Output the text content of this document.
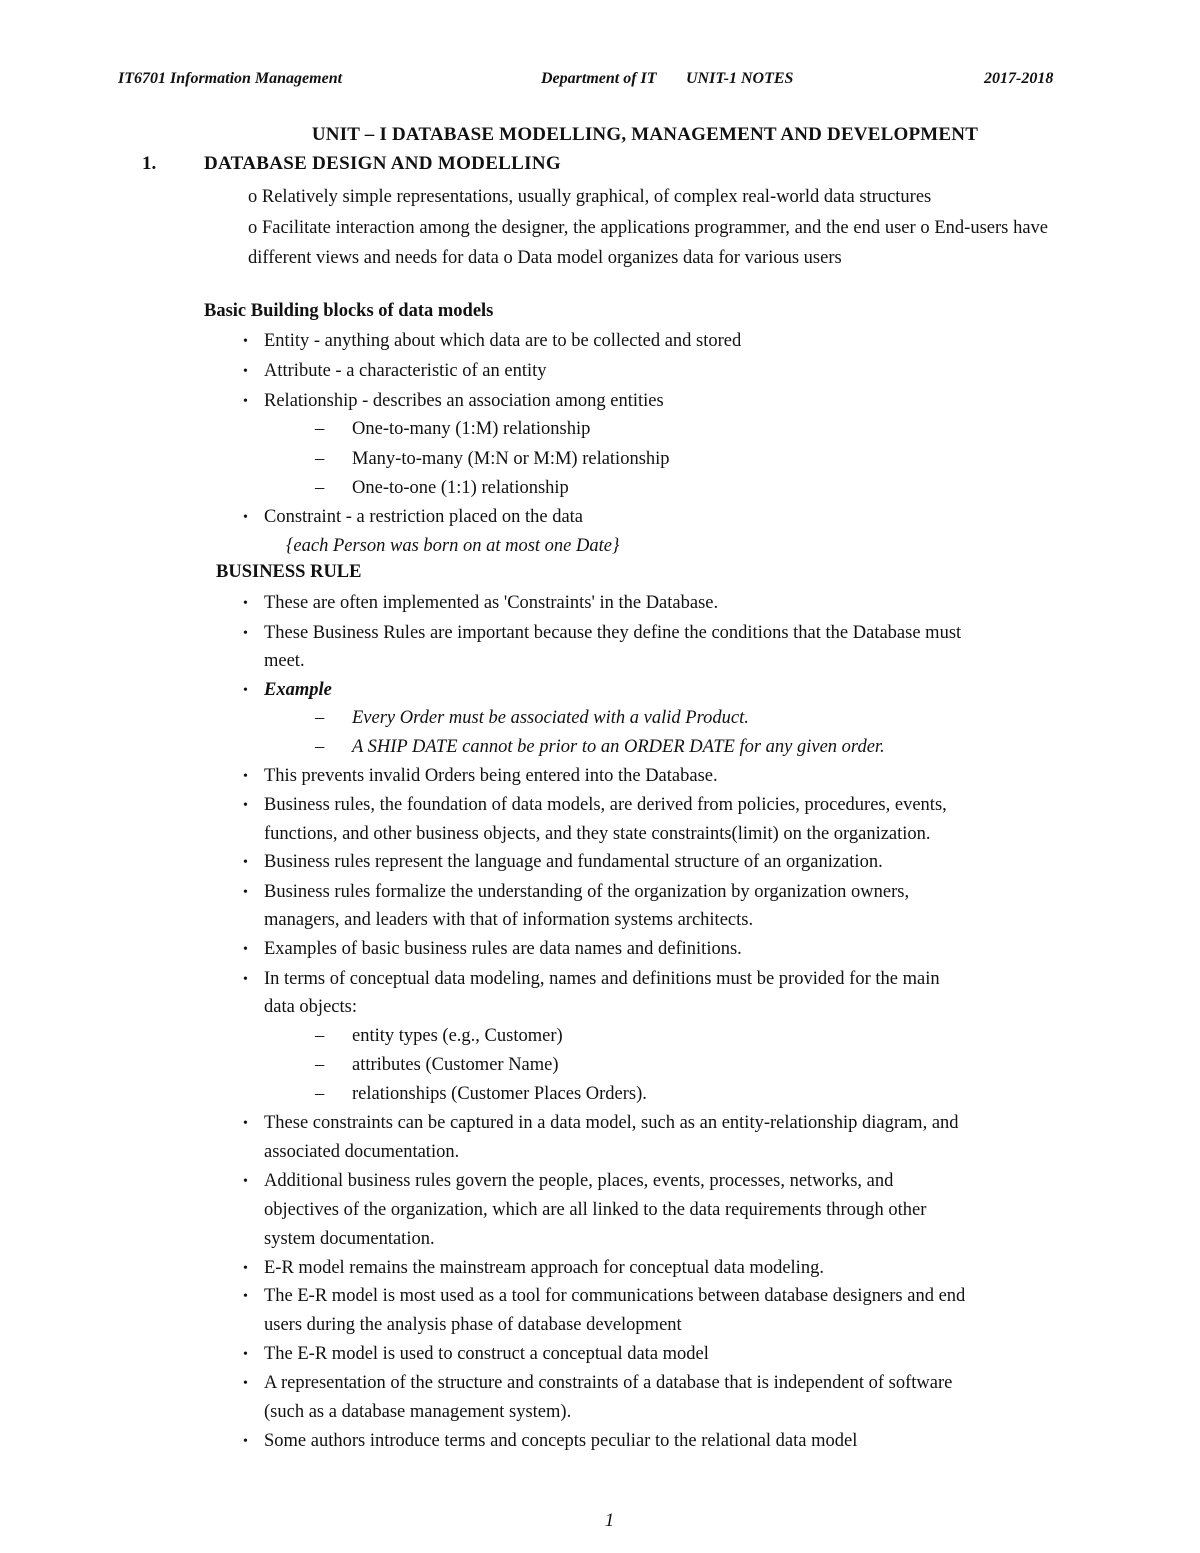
IT6701 Information Management	Department of IT UNIT-1 NOTES	2017-2018
UNIT – I DATABASE MODELLING, MANAGEMENT AND DEVELOPMENT
1.	DATABASE DESIGN AND MODELLING
o Relatively simple representations, usually graphical, of complex real-world data structures
o Facilitate interaction among the designer, the applications programmer, and the end user o End-users have different views and needs for data o Data model organizes data for various users
Basic Building blocks of data models
• Entity - anything about which data are to be collected and stored
• Attribute - a characteristic of an entity
• Relationship - describes an association among entities
– One-to-many (1:M) relationship
– Many-to-many (M:N or M:M) relationship
– One-to-one (1:1) relationship
• Constraint - a restriction placed on the data
{each Person was born on at most one Date}
BUSINESS RULE
• These are often implemented as 'Constraints' in the Database.
• These Business Rules are important because they define the conditions that the Database must
meet.
• Example
– Every Order must be associated with a valid Product.
– A SHIP DATE cannot be prior to an ORDER DATE for any given order.
• This prevents invalid Orders being entered into the Database.
• Business rules, the foundation of data models, are derived from policies, procedures, events,
functions, and other business objects, and they state constraints(limit) on the organization.
• Business rules represent the language and fundamental structure of an organization.
• Business rules formalize the understanding of the organization by organization owners,
managers, and leaders with that of information systems architects.
• Examples of basic business rules are data names and definitions.
• In terms of conceptual data modeling, names and definitions must be provided for the main
data objects:
– entity types (e.g., Customer)
– attributes (Customer Name)
– relationships (Customer Places Orders).
• These constraints can be captured in a data model, such as an entity-relationship diagram, and
associated documentation.
• Additional business rules govern the people, places, events, processes, networks, and
objectives of the organization, which are all linked to the data requirements through other
system documentation.
• E-R model remains the mainstream approach for conceptual data modeling.
• The E-R model is most used as a tool for communications between database designers and end
users during the analysis phase of database development
• The E-R model is used to construct a conceptual data model
• A representation of the structure and constraints of a database that is independent of software
(such as a database management system).
• Some authors introduce terms and concepts peculiar to the relational data model
1
